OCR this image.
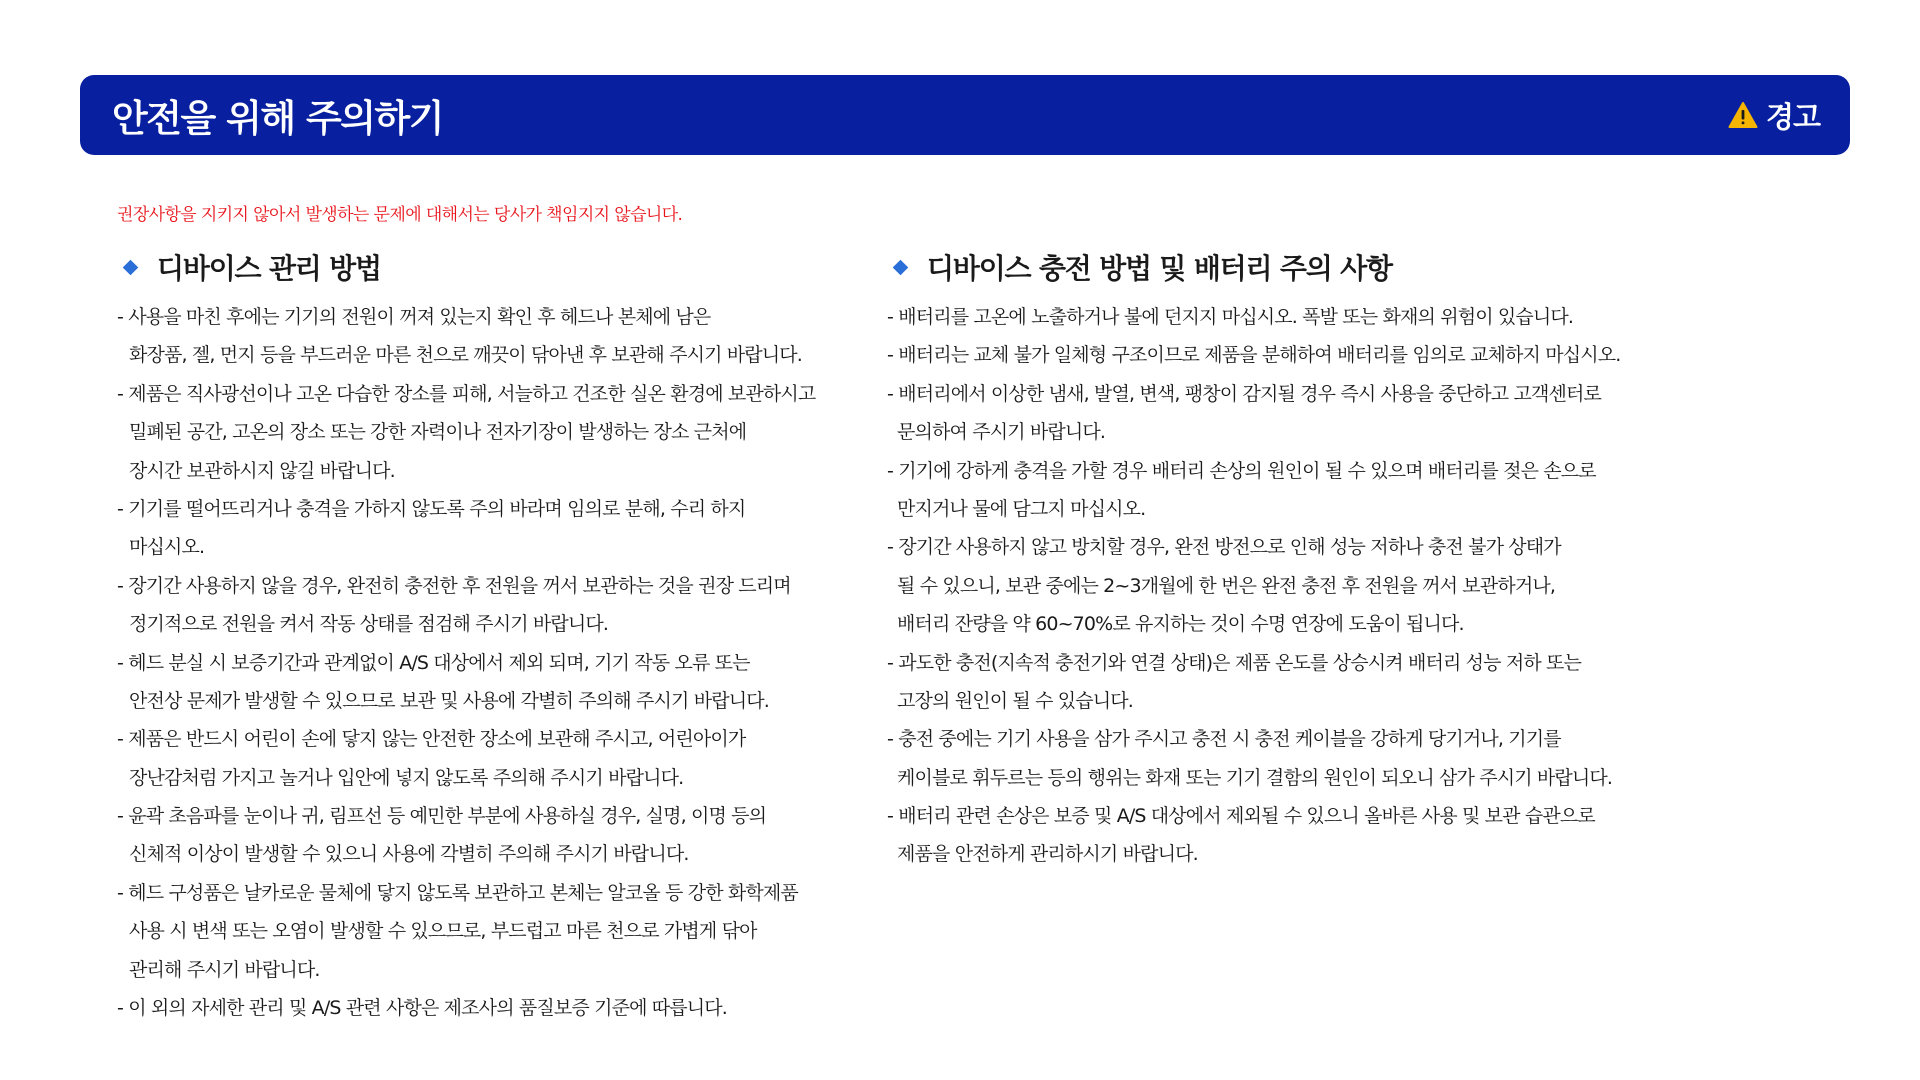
안전을 위해 주의하기	경고
권장사항을 지키지 않아서 발생하는 문제에 대해서는 당사가 책임지지 않습니다.
디바이스 관리 방법
- 사용을 마친 후에는 기기의 전원이 꺼져 있는지 확인 후 헤드나 본체에 남은
화장품, 젤, 먼지 등을 부드러운 마른 천으로 깨끗이 닦아낸 후 보관해 주시기 바랍니다.
- 제품은 직사광선이나 고온 다습한 장소를 피해, 서늘하고 건조한 실온 환경에 보관하시고
밀폐된 공간, 고온의 장소 또는 강한 자력이나 전자기장이 발생하는 장소 근처에
장시간 보관하시지 않길 바랍니다.
- 기기를 떨어뜨리거나 충격을 가하지 않도록 주의 바라며 임의로 분해, 수리 하지
마십시오.
- 장기간 사용하지 않을 경우, 완전히 충전한 후 전원을 꺼서 보관하는 것을 권장 드리며
정기적으로 전원을 켜서 작동 상태를 점검해 주시기 바랍니다.
- 헤드 분실 시 보증기간과 관계없이 A/S 대상에서 제외 되며, 기기 작동 오류 또는
안전상 문제가 발생할 수 있으므로 보관 및 사용에 각별히 주의해 주시기 바랍니다.
- 제품은 반드시 어린이 손에 닿지 않는 안전한 장소에 보관해 주시고, 어린아이가
장난감처럼 가지고 놀거나 입안에 넣지 않도록 주의해 주시기 바랍니다.
- 윤곽 초음파를 눈이나 귀, 림프선 등 예민한 부분에 사용하실 경우, 실명, 이명 등의
신체적 이상이 발생할 수 있으니 사용에 각별히 주의해 주시기 바랍니다.
- 헤드 구성품은 날카로운 물체에 닿지 않도록 보관하고 본체는 알코올 등 강한 화학제품
사용 시 변색 또는 오염이 발생할 수 있으므로, 부드럽고 마른 천으로 가볍게 닦아
관리해 주시기 바랍니다.
- 이 외의 자세한 관리 및 A/S 관련 사항은 제조사의 품질보증 기준에 따릅니다.
디바이스 충전 방법 및 배터리 주의 사항
- 배터리를 고온에 노출하거나 불에 던지지 마십시오. 폭발 또는 화재의 위험이 있습니다.
- 배터리는 교체 불가 일체형 구조이므로 제품을 분해하여 배터리를 임의로 교체하지 마십시오.
- 배터리에서 이상한 냄새, 발열, 변색, 팽창이 감지될 경우 즉시 사용을 중단하고 고객센터로
문의하여 주시기 바랍니다.
- 기기에 강하게 충격을 가할 경우 배터리 손상의 원인이 될 수 있으며 배터리를 젖은 손으로
만지거나 물에 담그지 마십시오.
- 장기간 사용하지 않고 방치할 경우, 완전 방전으로 인해 성능 저하나 충전 불가 상태가
될 수 있으니, 보관 중에는 2~3개월에 한 번은 완전 충전 후 전원을 꺼서 보관하거나,
배터리 잔량을 약 60~70%로 유지하는 것이 수명 연장에 도움이 됩니다.
- 과도한 충전(지속적 충전기와 연결 상태)은 제품 온도를 상승시켜 배터리 성능 저하 또는
고장의 원인이 될 수 있습니다.
- 충전 중에는 기기 사용을 삼가 주시고 충전 시 충전 케이블을 강하게 당기거나, 기기를
케이블로 휘두르는 등의 행위는 화재 또는 기기 결함의 원인이 되오니 삼가 주시기 바랍니다.
- 배터리 관련 손상은 보증 및 A/S 대상에서 제외될 수 있으니 올바른 사용 및 보관 습관으로
제품을 안전하게 관리하시기 바랍니다.
